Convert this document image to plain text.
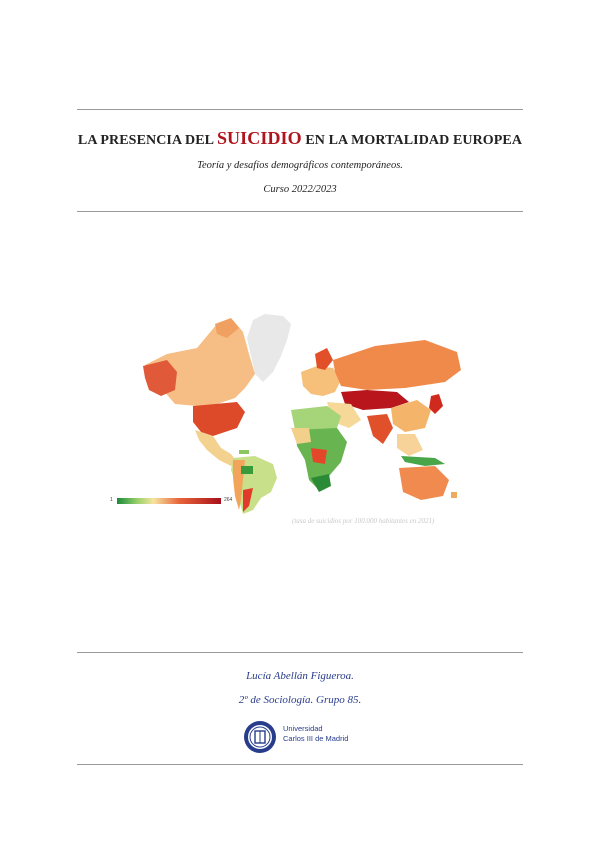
LA PRESENCIA DEL SUICIDIO EN LA MORTALIDAD EUROPEA
Teoría y desafíos demográficos contemporáneos.
Curso 2022/2023
1	264
(tasa de suicidios por 100.000 habitantes en 2021)
Lucía Abellán Figueroa.
2º de Sociología. Grupo 85.
Universidad
Carlos III de Madrid
